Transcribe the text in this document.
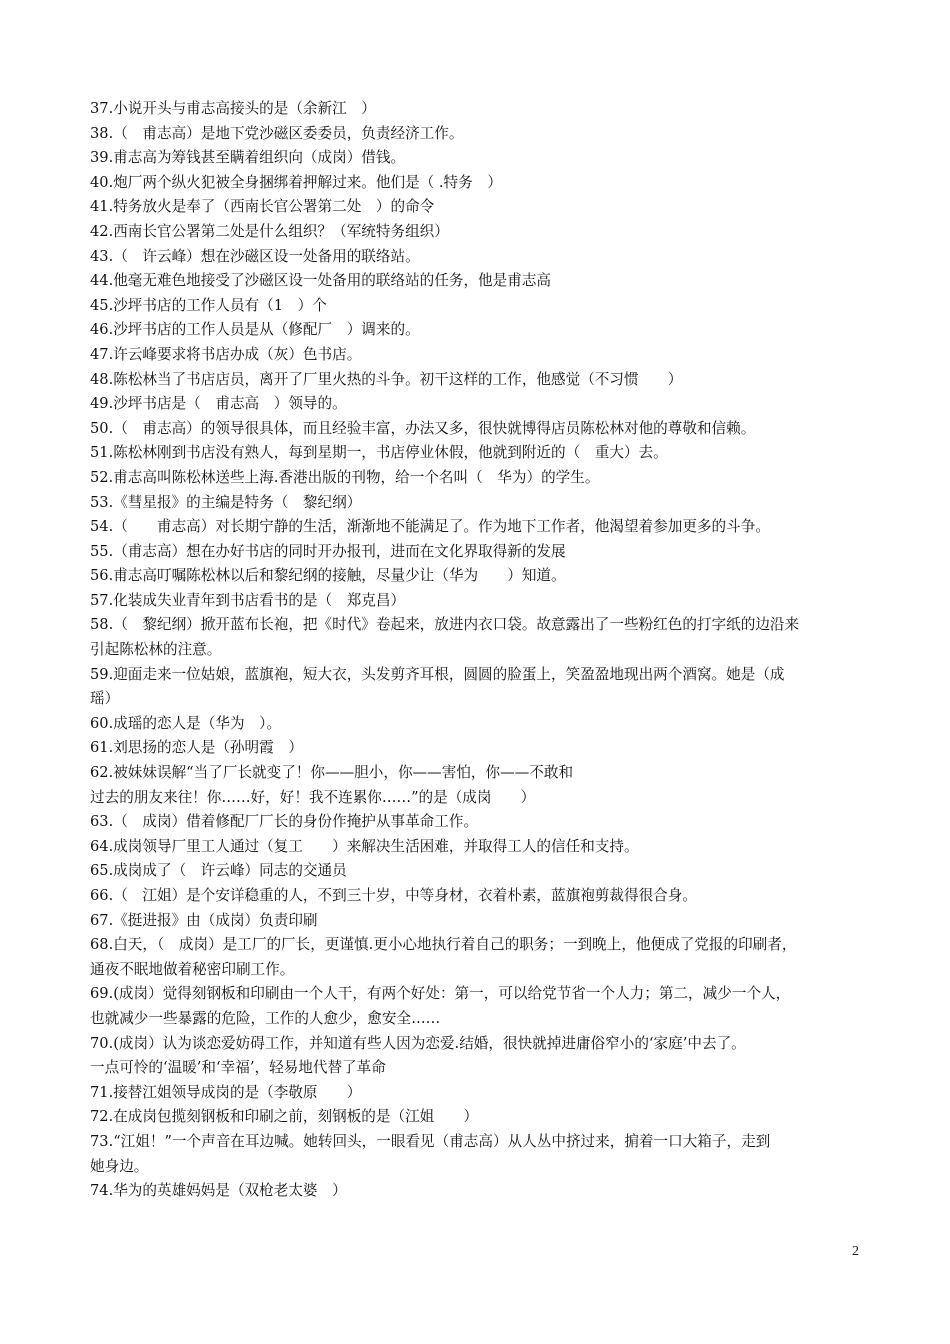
37.小说开头与甫志高接头的是（余新江　）

38.（　甫志高）是地下党沙磁区委委员，负责经济工作。

39.甫志高为筹钱甚至瞒着组织向（成岗）借钱。

40.炮厂两个纵火犯被全身捆绑着押解过来。他们是（ .特务　）

41.特务放火是奉了（西南长官公署第二处　）的命令

42.西南长官公署第二处是什么组织？（军统特务组织）

43.（　许云峰）想在沙磁区设一处备用的联络站。

44.他毫无难色地接受了沙磁区设一处备用的联络站的任务，他是甫志高

45.沙坪书店的工作人员有（1　）个

46.沙坪书店的工作人员是从（修配厂　）调来的。

47.许云峰要求将书店办成（灰）色书店。

48.陈松林当了书店店员，离开了厂里火热的斗争。初干这样的工作，他感觉（不习惯　　）

49.沙坪书店是（　甫志高　）领导的。

50.（　甫志高）的领导很具体，而且经验丰富，办法又多，很快就博得店员陈松林对他的尊敬和信赖。

51.陈松林刚到书店没有熟人，每到星期一，书店停业休假，他就到附近的（　重大）去。

52.甫志高叫陈松林送些上海.香港出版的刊物，给一个名叫（　华为）的学生。

53.《彗星报》的主编是特务（　黎纪纲）

54.（　　甫志高）对长期宁静的生活，渐渐地不能满足了。作为地下工作者，他渴望着参加更多的斗争。

55.（甫志高）想在办好书店的同时开办报刊，进而在文化界取得新的发展

56.甫志高叮嘱陈松林以后和黎纪纲的接触，尽量少让（华为　　）知道。

57.化装成失业青年到书店看书的是（　郑克昌）

58.（　黎纪纲）掀开蓝布长袍，把《时代》卷起来，放进内衣口袋。故意露出了一些粉红色的打字纸的边沿来

引起陈松林的注意。

59.迎面走来一位姑娘，蓝旗袍，短大衣，头发剪齐耳根，圆圆的脸蛋上，笑盈盈地现出两个酒窝。她是（成

瑶）

60.成瑶的恋人是（华为　）。

61.刘思扬的恋人是（孙明霞　）

62.被妹妹误解“当了厂长就变了！你——胆小，你——害怕，你——不敢和

过去的朋友来往！你……好，好！我不连累你……”的是（成岗　　）

63.（　成岗）借着修配厂厂长的身份作掩护从事革命工作。

64.成岗领导厂里工人通过（复工　　）来解决生活困难，并取得工人的信任和支持。

65.成岗成了（　许云峰）同志的交通员

66.（　江姐）是个安详稳重的人，不到三十岁，中等身材，衣着朴素，蓝旗袍剪裁得很合身。

67.《挺进报》由（成岗）负责印刷

68.白天，（　成岗）是工厂的厂长，更谨慎.更小心地执行着自己的职务；一到晚上，他便成了党报的印刷者，

通夜不眠地做着秘密印刷工作。

69.(成岗）觉得刻钢板和印刷由一个人干，有两个好处：第一，可以给党节省一个人力；第二，减少一个人，

也就减少一些暴露的危险，工作的人愈少，愈安全……

70.(成岗）认为谈恋爱妨碍工作，并知道有些人因为恋爱.结婚，很快就掉进庸俗窄小的‘家庭’中去了。

一点可怜的‘温暖’和‘幸福’，轻易地代替了革命

71.接替江姐领导成岗的是（李敬原　　）

72.在成岗包揽刻钢板和印刷之前，刻钢板的是（江姐　　）

73.“江姐！”一个声音在耳边喊。她转回头，一眼看见（甫志高）从人丛中挤过来，掮着一口大箱子，走到

她身边。

74.华为的英雄妈妈是（双枪老太婆　）

2
